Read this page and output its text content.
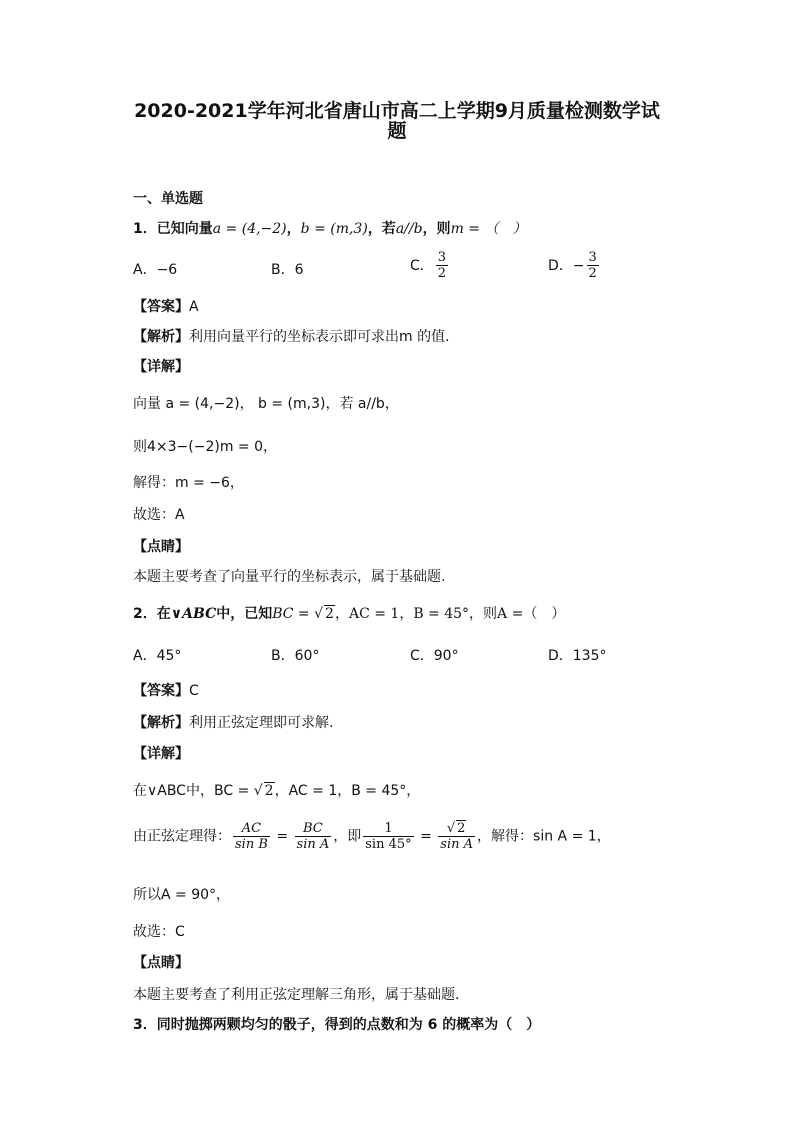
2020-2021学年河北省唐山市高二上学期9月质量检测数学试
题
一、单选题
1．已知向量a = (4,−2)，b = (m,3)，若a//b，则m = （　）
A．−6	B．6	C． $\frac{3}{2}$	D．− $\frac{3}{2}$
【答案】A
【解析】利用向量平行的坐标表示即可求出m 的值.
【详解】
向量 a = (4,−2)， b = (m,3)，若 a//b，
则4×3−(−2)m = 0，
解得：m = −6，
故选：A
【点睛】
本题主要考查了向量平行的坐标表示，属于基础题.
2．在∨ABC中，已知BC = √ 2，AC = 1，B = 45°，则A =（　）
A．45°	B．60°	C．90°	D．135°
【答案】C
【解析】利用正弦定理即可求解.
【详解】
在∨ABC中，BC = √ 2，AC = 1，B = 45°，
由正弦定理得： $\frac{AC}{\text{sin B}} = \frac{BC}{\text{sin A}}$ ，即 $\frac{1}{\sin 45^\circ} = \frac{√ 2}{\text{sin A}}$ ，解得：sin A = 1，
所以A = 90°，
故选：C
【点睛】
本题主要考查了利用正弦定理解三角形，属于基础题.
3．同时抛掷两颗均匀的骰子，得到的点数和为 6 的概率为（　）
